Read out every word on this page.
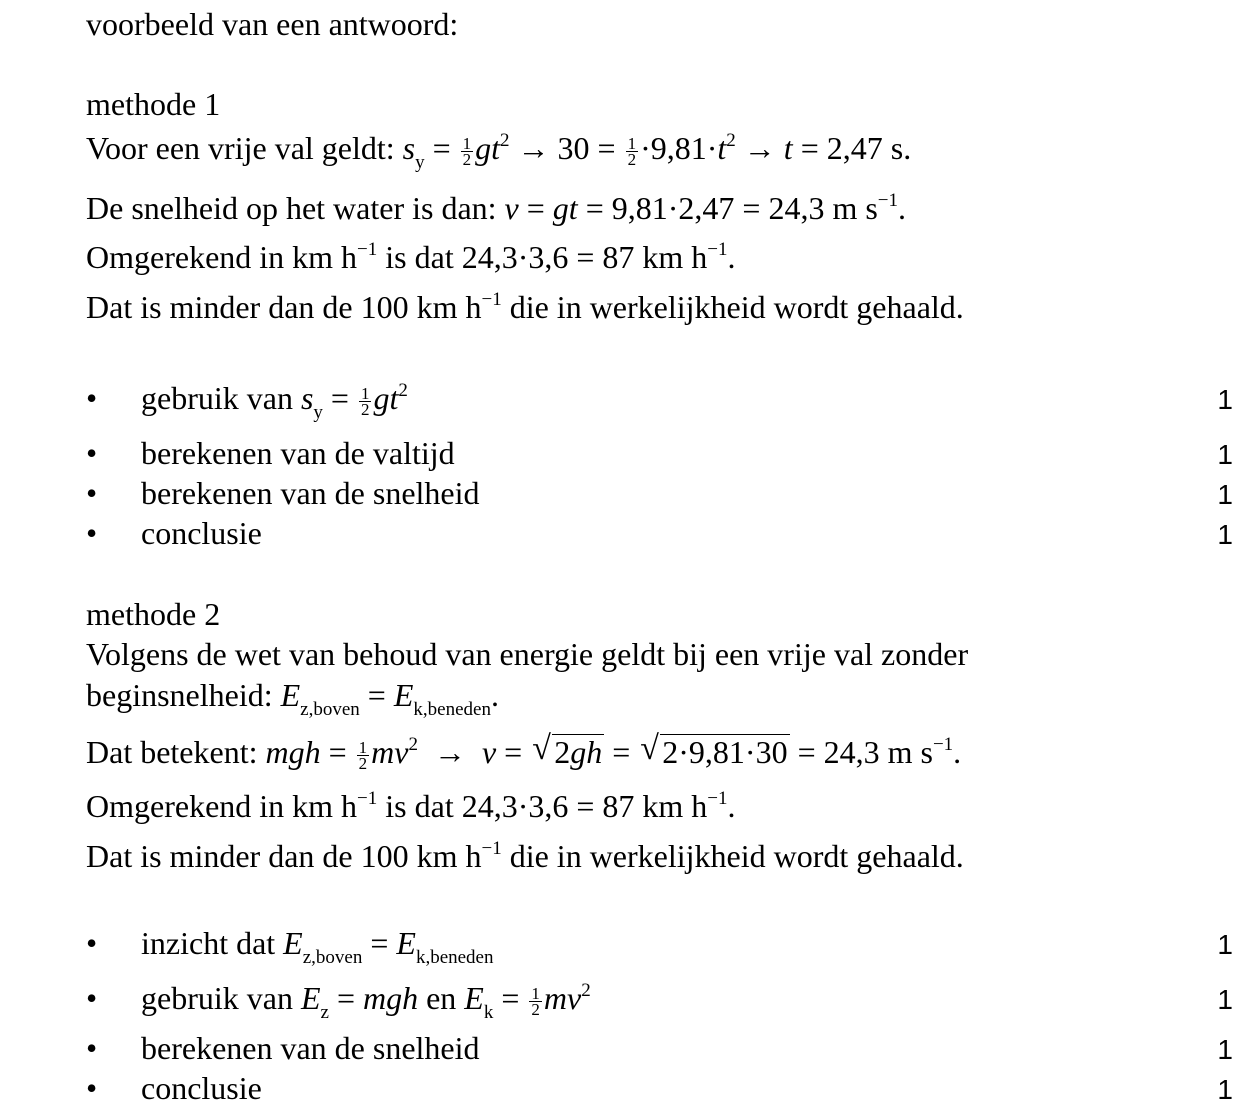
voorbeeld van een antwoord:
methode 1
Voor een vrije val geldt: $s_y = \frac{1}{2} gt^2 \to 30 = \frac{1}{2} \cdot 9,81\cdot t^2 \to t = 2,47$ s.
De snelheid op het water is dan: v = gt = 9,81·2,47 = 24,3 m $s^{-1}$.
Omgerekend in km $h^{-1}$ is dat 24,3·3,6 = 87 km $h^{-1}$.
Dat is minder dan de 100 km $h^{-1}$ die in werkelijkheid wordt gehaald.
• gebruik van $s_y = \frac{1}{2} gt^2$	1
• berekenen van de valtijd	1
• berekenen van de snelheid	1
• conclusie	1
methode 2
Volgens de wet van behoud van energie geldt bij een vrije val zonder
beginsnelheid: $E_{z,boven} = E_{k,beneden}$.
Dat betekent: mgh = $\frac{1}{2} mv^2 \to v$ = √ 2gh = √ 2·9,81·30 = 24,3 m $s^{-1}$.
Omgerekend in km $h^{-1}$ is dat 24,3·3,6 = 87 km $h^{-1}$.
Dat is minder dan de 100 km $h^{-1}$ die in werkelijkheid wordt gehaald.
• inzicht dat $E_{z,boven} = E_{k,beneden}$	1
• gebruik van $E_z$ = mgh en $E_k = \frac{1}{2} mv^2$	1
• berekenen van de snelheid	1
• conclusie	1
